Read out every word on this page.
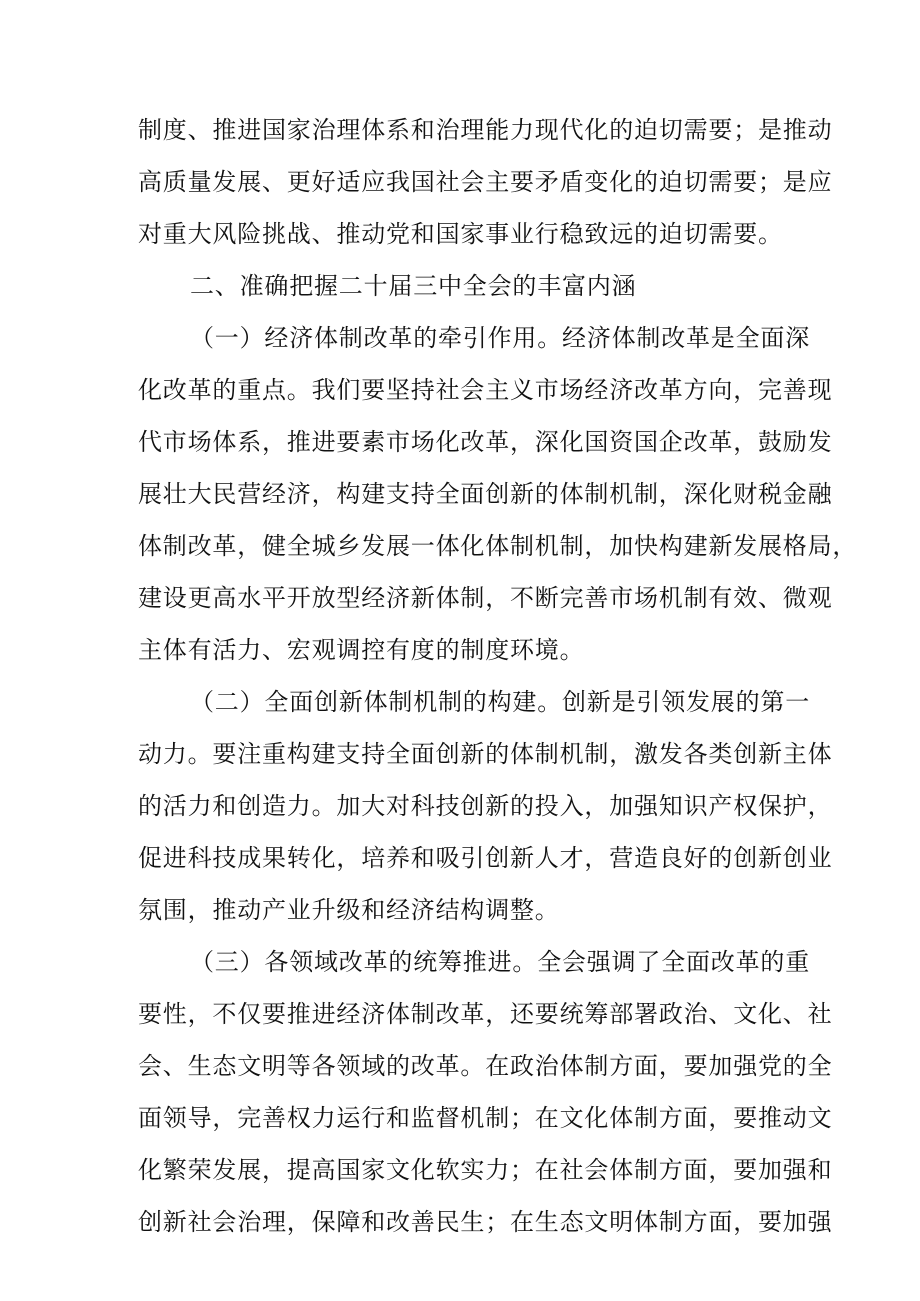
制度、推进国家治理体系和治理能力现代化的迫切需要；是推动
高质量发展、更好适应我国社会主要矛盾变化的迫切需要；是应
对重大风险挑战、推动党和国家事业行稳致远的迫切需要。
二、准确把握二十届三中全会的丰富内涵
（一）经济体制改革的牵引作用。经济体制改革是全面深
化改革的重点。我们要坚持社会主义市场经济改革方向，完善现
代市场体系，推进要素市场化改革，深化国资国企改革，鼓励发
展壮大民营经济，构建支持全面创新的体制机制，深化财税金融
体制改革，健全城乡发展一体化体制机制，加快构建新发展格局，
建设更高水平开放型经济新体制，不断完善市场机制有效、微观
主体有活力、宏观调控有度的制度环境。
（二）全面创新体制机制的构建。创新是引领发展的第一
动力。要注重构建支持全面创新的体制机制，激发各类创新主体
的活力和创造力。加大对科技创新的投入，加强知识产权保护，
促进科技成果转化，培养和吸引创新人才，营造良好的创新创业
氛围，推动产业升级和经济结构调整。
（三）各领域改革的统筹推进。全会强调了全面改革的重
要性，不仅要推进经济体制改革，还要统筹部署政治、文化、社
会、生态文明等各领域的改革。在政治体制方面，要加强党的全
面领导，完善权力运行和监督机制；在文化体制方面，要推动文
化繁荣发展，提高国家文化软实力；在社会体制方面，要加强和
创新社会治理，保障和改善民生；在生态文明体制方面，要加强
